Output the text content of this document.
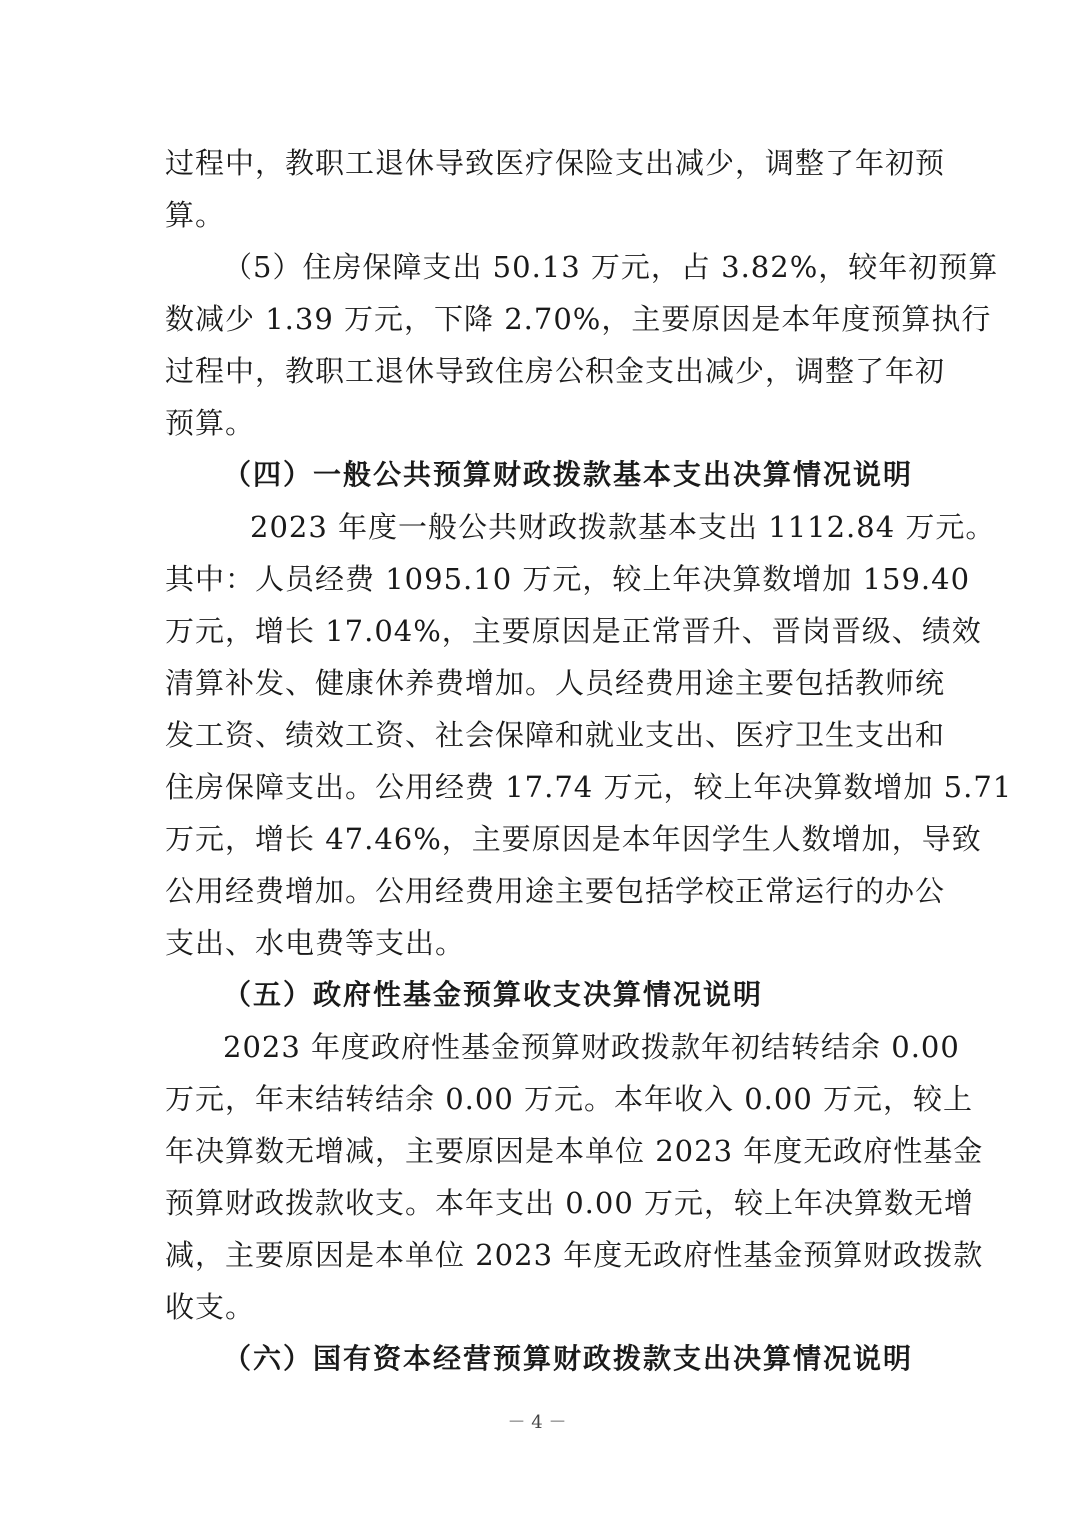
过程中，教职工退休导致医疗保险支出减少，调整了年初预
算。
（5）住房保障支出 50.13 万元，占 3.82%，较年初预算
数减少 1.39 万元，下降 2.70%，主要原因是本年度预算执行
过程中，教职工退休导致住房公积金支出减少，调整了年初
预算。
（四）一般公共预算财政拨款基本支出决算情况说明
2023 年度一般公共财政拨款基本支出 1112.84 万元。
其中：人员经费 1095.10 万元，较上年决算数增加 159.40
万元，增长 17.04%，主要原因是正常晋升、晋岗晋级、绩效
清算补发、健康休养费增加。人员经费用途主要包括教师统
发工资、绩效工资、社会保障和就业支出、医疗卫生支出和
住房保障支出。公用经费 17.74 万元，较上年决算数增加 5.71
万元，增长 47.46%，主要原因是本年因学生人数增加，导致
公用经费增加。公用经费用途主要包括学校正常运行的办公
支出、水电费等支出。
（五）政府性基金预算收支决算情况说明
2023 年度政府性基金预算财政拨款年初结转结余 0.00
万元，年末结转结余 0.00 万元。本年收入 0.00 万元，较上
年决算数无增减，主要原因是本单位 2023 年度无政府性基金
预算财政拨款收支。本年支出 0.00 万元，较上年决算数无增
减，主要原因是本单位 2023 年度无政府性基金预算财政拨款
收支。
（六）国有资本经营预算财政拨款支出决算情况说明
－ 4 －
